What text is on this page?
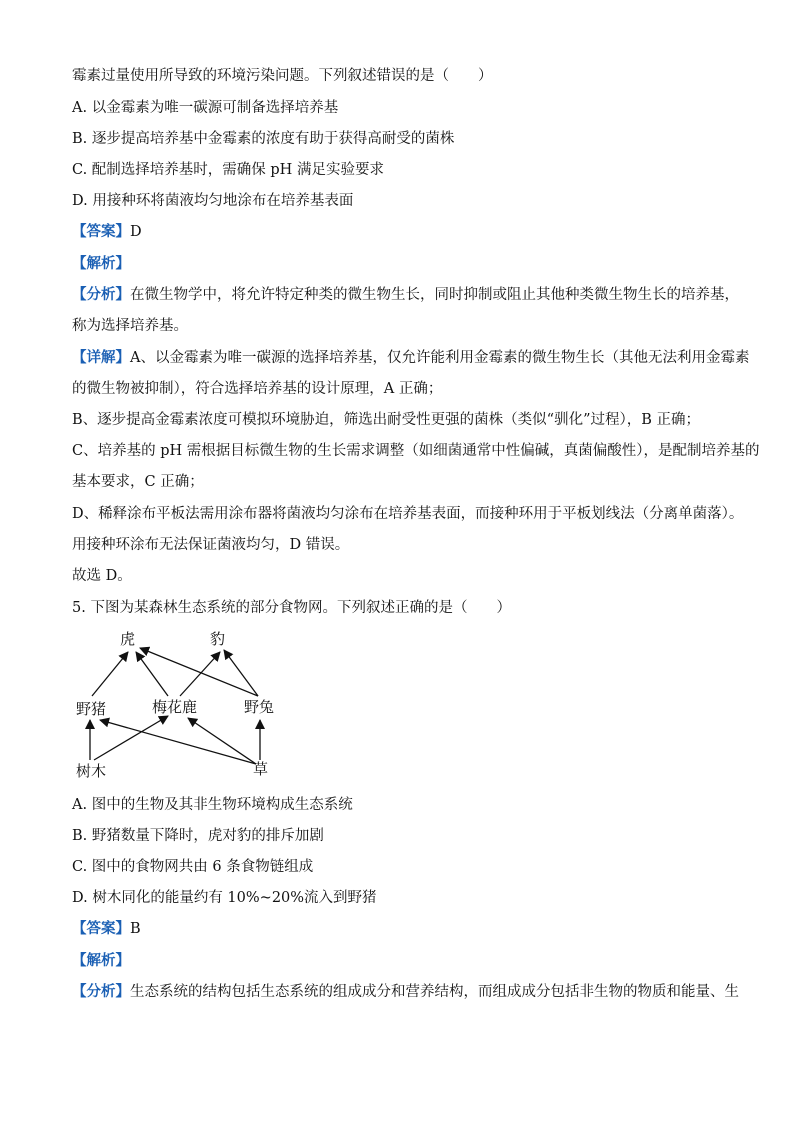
霉素过量使用所导致的环境污染问题。下列叙述错误的是（　　）
A. 以金霉素为唯一碳源可制备选择培养基
B. 逐步提高培养基中金霉素的浓度有助于获得高耐受的菌株
C. 配制选择培养基时，需确保 pH 满足实验要求
D. 用接种环将菌液均匀地涂布在培养基表面
【答案】D
【解析】
【分析】在微生物学中，将允许特定种类的微生物生长，同时抑制或阻止其他种类微生物生长的培养基，
称为选择培养基。
【详解】A、以金霉素为唯一碳源的选择培养基，仅允许能利用金霉素的微生物生长（其他无法利用金霉素
的微生物被抑制），符合选择培养基的设计原理，A 正确；
B、逐步提高金霉素浓度可模拟环境胁迫，筛选出耐受性更强的菌株（类似“驯化”过程），B 正确；
C、培养基的 pH 需根据目标微生物的生长需求调整（如细菌通常中性偏碱，真菌偏酸性），是配制培养基的
基本要求，C 正确；
D、稀释涂布平板法需用涂布器将菌液均匀涂布在培养基表面，而接种环用于平板划线法（分离单菌落）。
用接种环涂布无法保证菌液均匀，D 错误。
故选 D。
5. 下图为某森林生态系统的部分食物网。下列叙述正确的是（　　）
虎	豹
野猪	梅花鹿	野兔
树木	草
A. 图中的生物及其非生物环境构成生态系统
B. 野猪数量下降时，虎对豹的排斥加剧
C. 图中的食物网共由 6 条食物链组成
D. 树木同化的能量约有 10%~20%流入到野猪
【答案】B
【解析】
【分析】生态系统的结构包括生态系统的组成成分和营养结构，而组成成分包括非生物的物质和能量、生
